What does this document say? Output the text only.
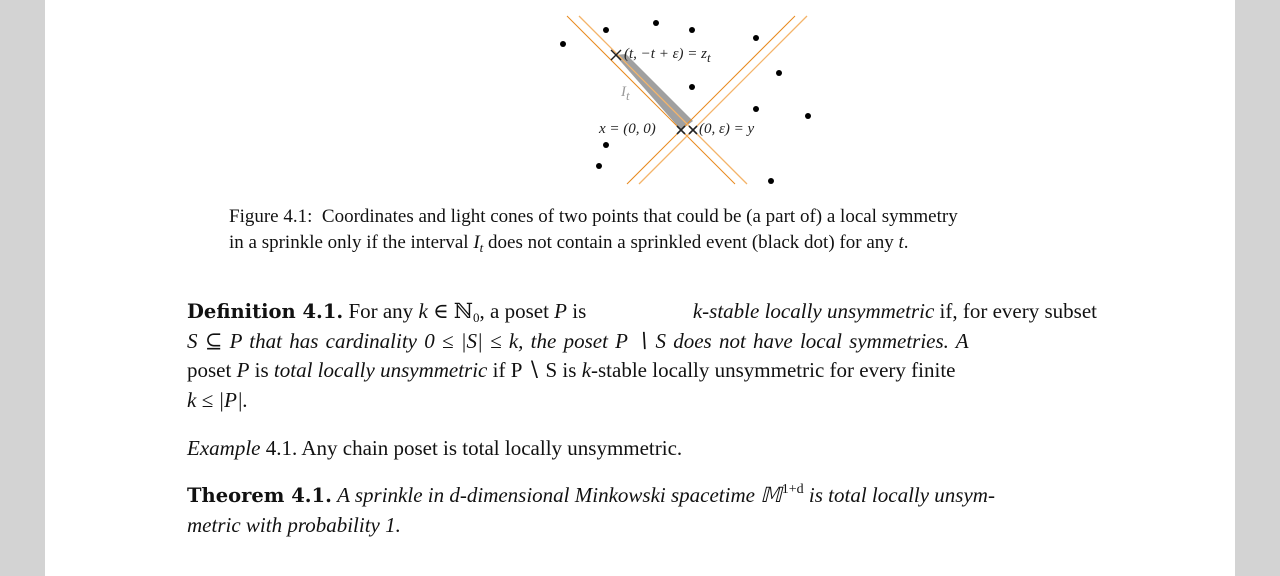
(t, $-t + \varepsilon) = z_t$
$I_t$
x = (0, 0)	(0, ε) = y
Figure 4.1: Coordinates and light cones of two points that could be (a part of) a local symmetry
in a sprinkle only if the interval $I_t$ does not contain a sprinkled event (black dot) for any t.
Definition 4.1. For any k ∈ ℕ$_0$, a poset P is	k-stable locally unsymmetric if, for every subset
S ⊆ P that has cardinality 0 ≤ |S| ≤ k, the poset P ∖ S does not have local symmetries. A
poset P is total locally unsymmetric if P ∖ S is k-stable locally unsymmetric for every finite
k ≤ |P|.
Example 4.1. Any chain poset is total locally unsymmetric.
Theorem 4.1. A sprinkle in d-dimensional Minkowski spacetime 𝕄$^{1+d}$ is total locally unsym-
metric with probability 1.
